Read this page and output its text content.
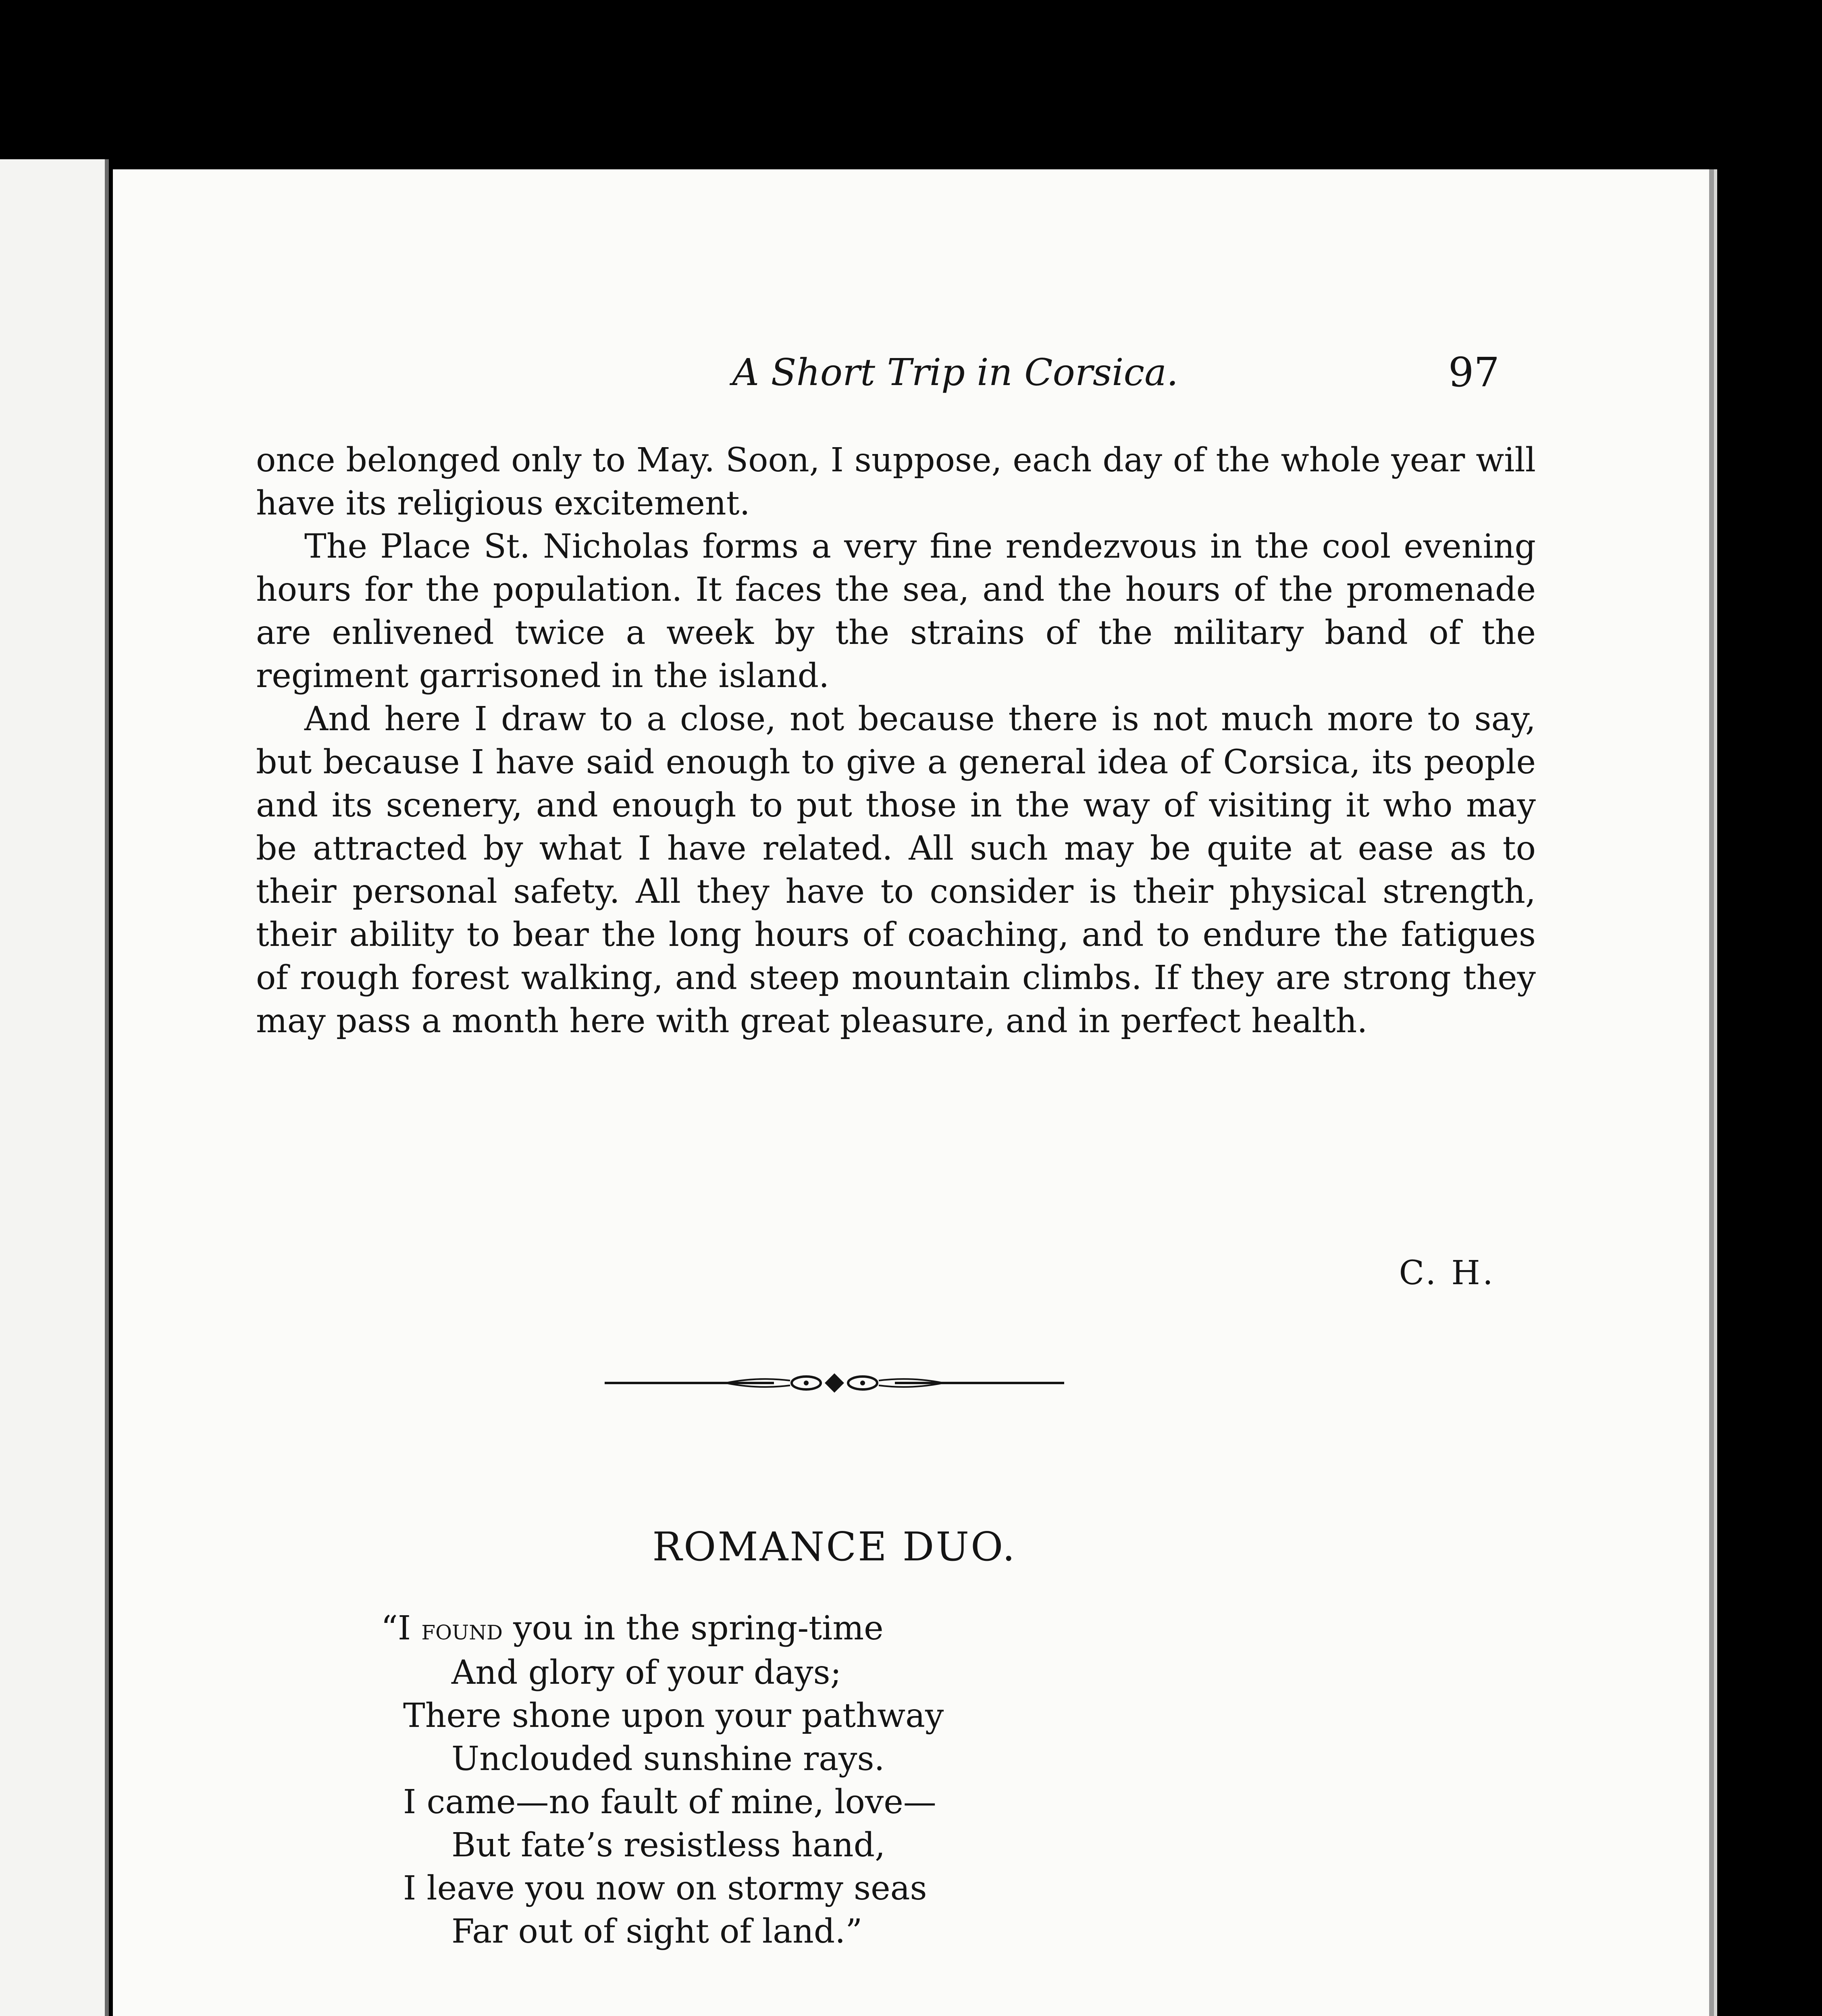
A Short Trip in Corsica.	97

once belonged only to May. Soon, I suppose, each day of the whole year will have its religious excitement.

The Place St. Nicholas forms a very fine rendezvous in the cool evening hours for the population. It faces the sea, and the hours of the promenade are enlivened twice a week by the strains of the military band of the regiment garrisoned in the island.

And here I draw to a close, not because there is not much more to say, but because I have said enough to give a general idea of Corsica, its people and its scenery, and enough to put those in the way of visiting it who may be attracted by what I have related. All such may be quite at ease as to their personal safety. All they have to consider is their physical strength, their ability to bear the long hours of coaching, and to endure the fatigues of rough forest walking, and steep mountain climbs. If they are strong they may pass a month here with great pleasure, and in perfect health.

C. H.
ROMANCE DUO.
“I found you in the spring-time
And glory of your days;
There shone upon your pathway
Unclouded sunshine rays.
I came—no fault of mine, love—
But fate’s resistless hand,
I leave you now on stormy seas
Far out of sight of land.”
